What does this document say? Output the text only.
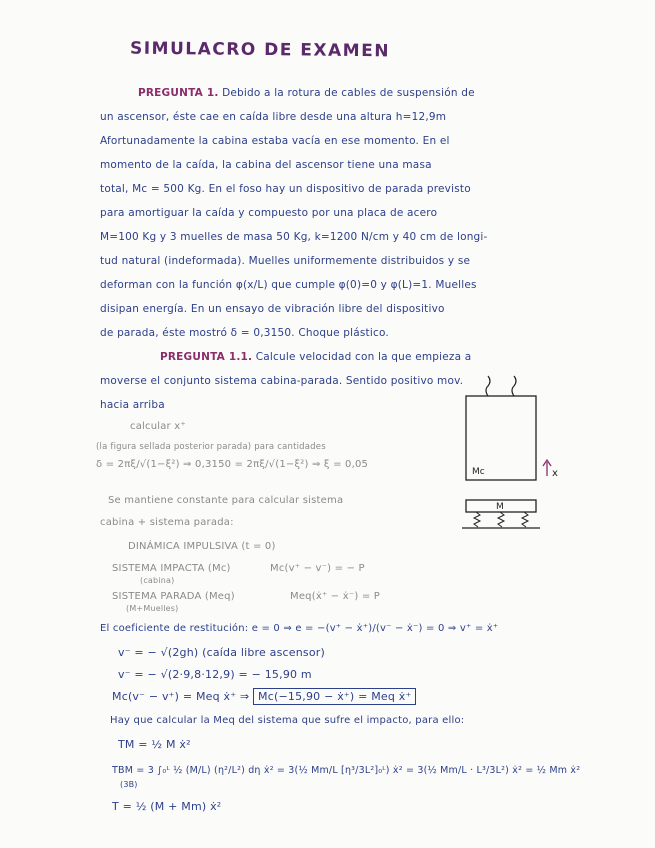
SIMULACRO DE EXAMEN
PREGUNTA 1. Debido a la rotura de cables de suspensión de
un ascensor, éste cae en caída libre desde una altura h=12,9m
Afortunadamente la cabina estaba vacía en ese momento. En el
momento de la caída, la cabina del ascensor tiene una masa
total, Mc = 500 Kg. En el foso hay un dispositivo de parada previsto
para amortiguar la caída y compuesto por una placa de acero
M=100 Kg y 3 muelles de masa 50 Kg, k=1200 N/cm y 40 cm de longi-
tud natural (indeformada). Muelles uniformemente distribuidos y se
deforman con la función φ(x/L) que cumple φ(0)=0 y φ(L)=1. Muelles
disipan energía. En un ensayo de vibración libre del dispositivo
de parada, éste mostró δ = 0,3150. Choque plástico.
PREGUNTA 1.1. Calcule velocidad con la que empieza a
moverse el conjunto sistema cabina-parada. Sentido positivo mov.
hacia arriba
calcular x⁺
(la figura sellada posterior parada) para cantidades
δ = 2πξ/√(1−ξ²) ⇒ 0,3150 = 2πξ/√(1−ξ²) ⇒ ξ = 0,05
Se mantiene constante para calcular sistema
cabina + sistema parada:
DINÁMICA IMPULSIVA (t = 0)
SISTEMA IMPACTA (Mc)
(cabina)
Mc(v⁺ − v⁻) = − P
SISTEMA PARADA (Meq)
(M+Muelles)
Meq(ẋ⁺ − ẋ⁻) = P
El coeficiente de restitución: e = 0 ⇒ e = −(v⁺ − ẋ⁺)/(v⁻ − ẋ⁻) = 0 ⇒ v⁺ = ẋ⁺
v⁻ = − √(2gh) (caída libre ascensor)
v⁻ = − √(2·9,8·12,9) = − 15,90 m
Mc(v⁻ − v⁺) = Meq ẋ⁺ ⇒ Mc(−15,90 − ẋ⁺) = Meq ẋ⁺
Hay que calcular la Meq del sistema que sufre el impacto, para ello:
TM = ½ M ẋ²
TBM = 3 ∫₀ᴸ ½ (M/L) (η²/L²) dη ẋ² = 3(½ Mm/L [η³/3L²]₀ᴸ) ẋ² = 3(½ Mm/L · L³/3L²) ẋ² = ½ Mm ẋ²
(3B)
T = ½ (M + Mm) ẋ²
Mc
M
x
